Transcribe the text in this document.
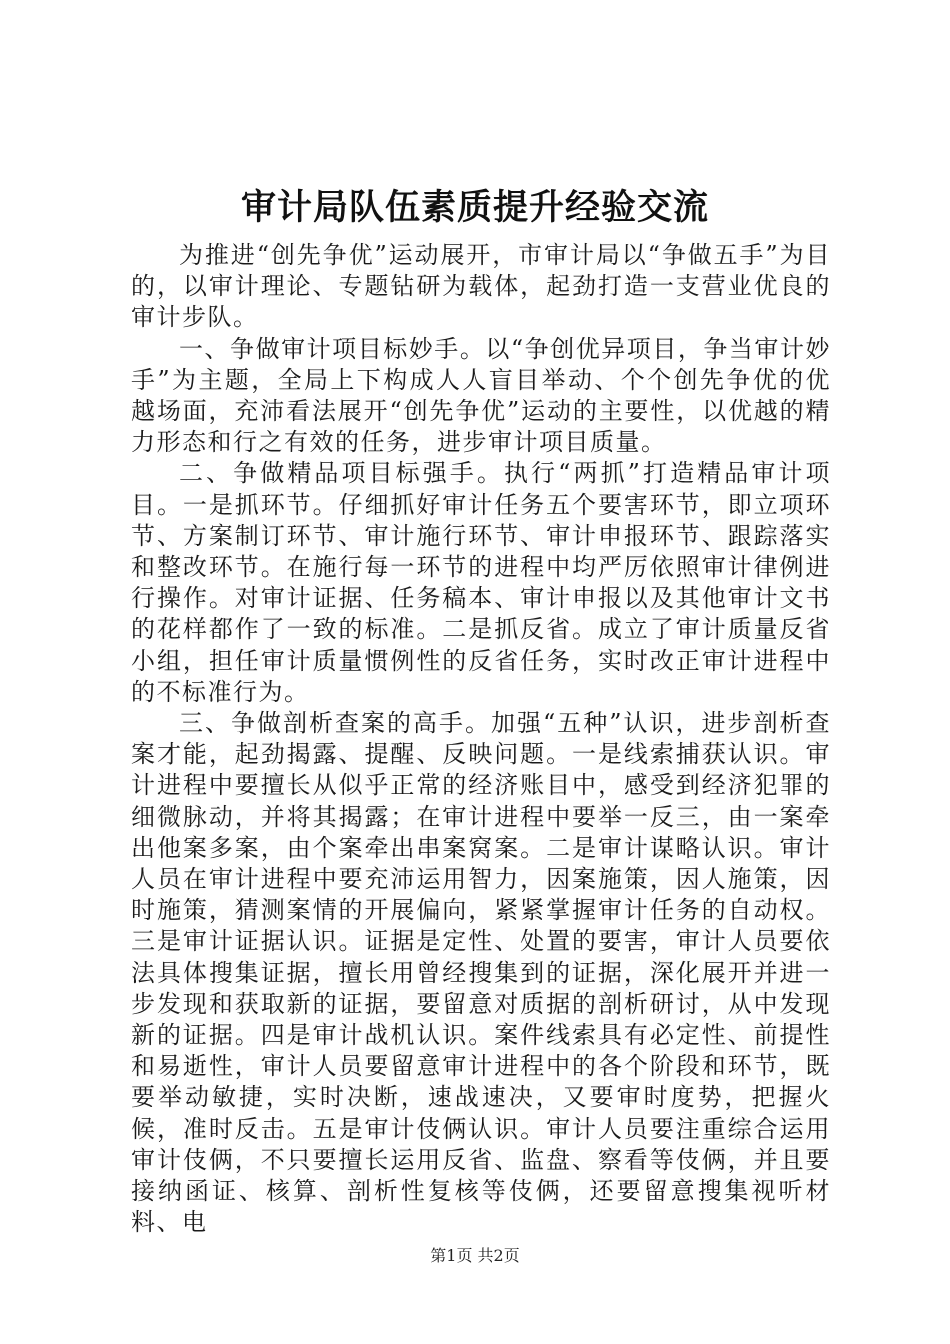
审计局队伍素质提升经验交流

为推进“创先争优”运动展开，市审计局以“争做五手”为目的，以审计理论、专题钻研为载体，起劲打造一支营业优良的审计步队。

一、争做审计项目标妙手。以“争创优异项目，争当审计妙手”为主题，全局上下构成人人盲目举动、个个创先争优的优越场面，充沛看法展开“创先争优”运动的主要性，以优越的精力形态和行之有效的任务，进步审计项目质量。

二、争做精品项目标强手。执行“两抓”打造精品审计项目。一是抓环节。仔细抓好审计任务五个要害环节，即立项环节、方案制订环节、审计施行环节、审计申报环节、跟踪落实和整改环节。在施行每一环节的进程中均严厉依照审计律例进行操作。对审计证据、任务稿本、审计申报以及其他审计文书的花样都作了一致的标准。二是抓反省。成立了审计质量反省小组，担任审计质量惯例性的反省任务，实时改正审计进程中的不标准行为。

三、争做剖析查案的高手。加强“五种”认识，进步剖析查案才能，起劲揭露、提醒、反映问题。一是线索捕获认识。审计进程中要擅长从似乎正常的经济账目中，感受到经济犯罪的细微脉动，并将其揭露；在审计进程中要举一反三，由一案牵出他案多案，由个案牵出串案窝案。二是审计谋略认识。审计人员在审计进程中要充沛运用智力，因案施策，因人施策，因时施策，猜测案情的开展偏向，紧紧掌握审计任务的自动权。三是审计证据认识。证据是定性、处置的要害，审计人员要依法具体搜集证据，擅长用曾经搜集到的证据，深化展开并进一步发现和获取新的证据，要留意对质据的剖析研讨，从中发现新的证据。四是审计战机认识。案件线索具有必定性、前提性和易逝性，审计人员要留意审计进程中的各个阶段和环节，既要举动敏捷，实时决断，速战速决，又要审时度势，把握火候，准时反击。五是审计伎俩认识。审计人员要注重综合运用审计伎俩，不只要擅长运用反省、监盘、察看等伎俩，并且要接纳函证、核算、剖析性复核等伎俩，还要留意搜集视听材料、电

第1页 共2页
